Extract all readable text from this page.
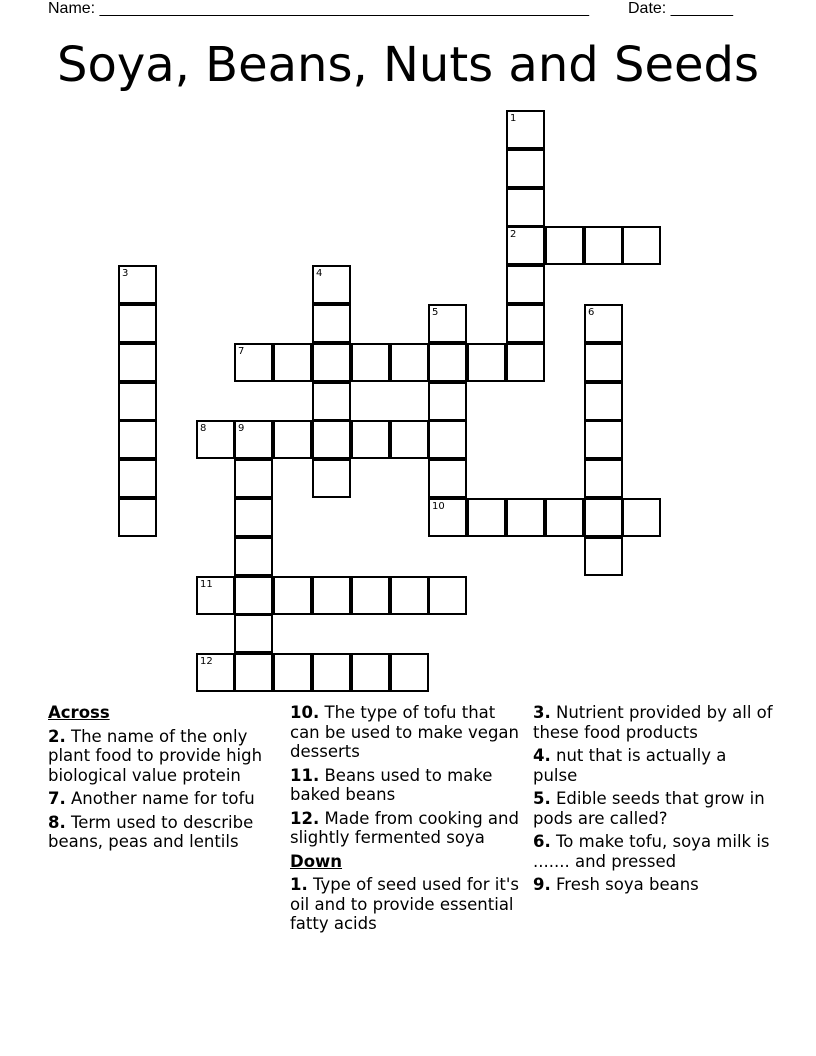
Name: _______________________________________________________ Date: _______
Soya, Beans, Nuts and Seeds
1
2
3	4
5	6
7
8	9
10
11
12
Across
2. The name of the only plant food to provide high biological value protein
7. Another name for tofu
8. Term used to describe beans, peas and lentils
10. The type of tofu that can be used to make vegan desserts
11. Beans used to make baked beans
12. Made from cooking and slightly fermented soya
Down
1. Type of seed used for it's oil and to provide essential fatty acids
3. Nutrient provided by all of these food products
4. nut that is actually a pulse
5. Edible seeds that grow in pods are called?
6. To make tofu, soya milk is ....... and pressed
9. Fresh soya beans
